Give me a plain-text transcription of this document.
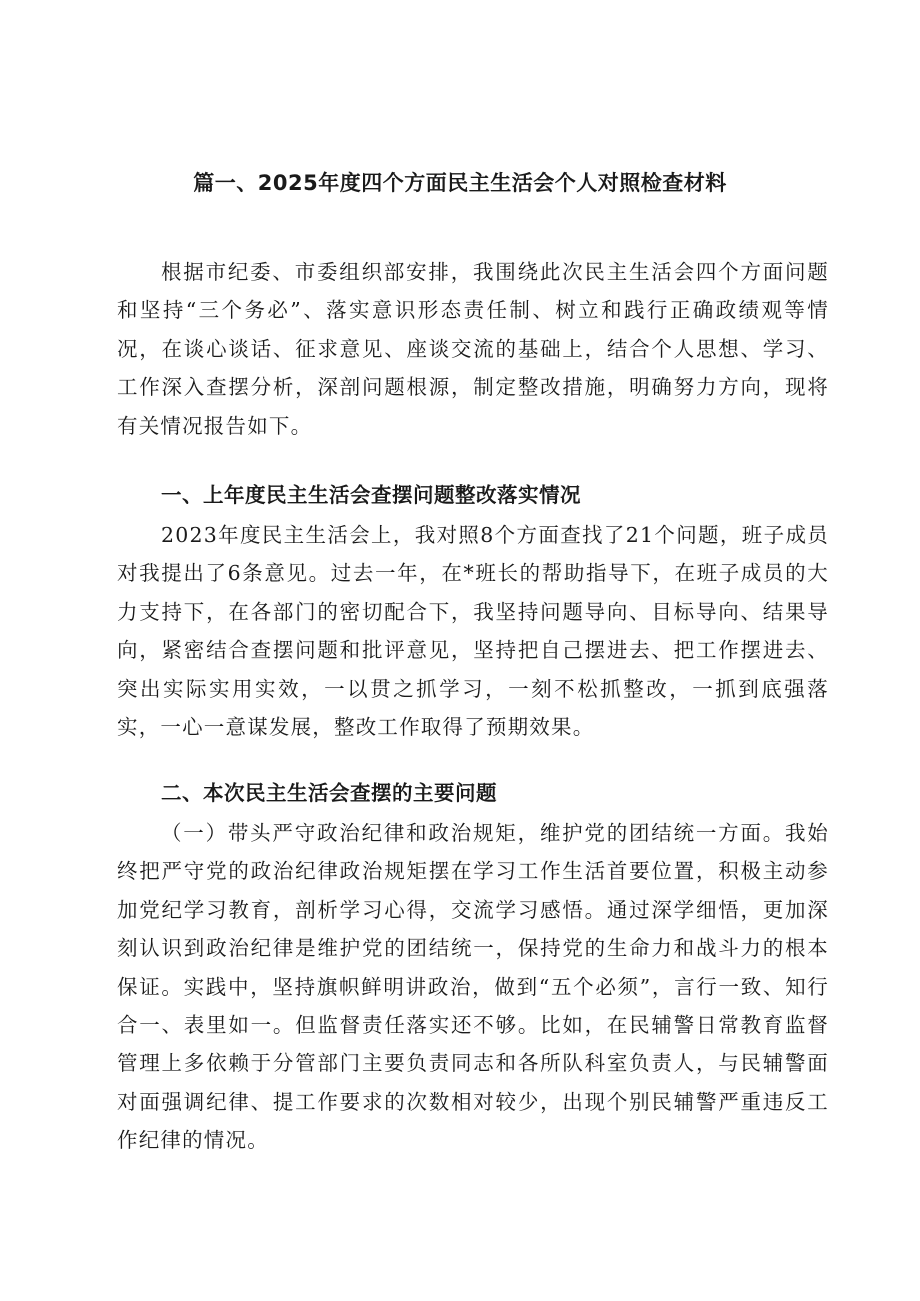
篇一、2025年度四个方面民主生活会个人对照检查材料

根据市纪委、市委组织部安排，我围绕此次民主生活会四个方面问题和坚持“三个务必”、落实意识形态责任制、树立和践行正确政绩观等情况，在谈心谈话、征求意见、座谈交流的基础上，结合个人思想、学习、工作深入查摆分析，深剖问题根源，制定整改措施，明确努力方向，现将有关情况报告如下。

一、上年度民主生活会查摆问题整改落实情况

2023年度民主生活会上，我对照8个方面查找了21个问题，班子成员对我提出了6条意见。过去一年，在*班长的帮助指导下，在班子成员的大力支持下，在各部门的密切配合下，我坚持问题导向、目标导向、结果导向，紧密结合查摆问题和批评意见，坚持把自己摆进去、把工作摆进去、突出实际实用实效，一以贯之抓学习，一刻不松抓整改，一抓到底强落实，一心一意谋发展，整改工作取得了预期效果。

二、本次民主生活会查摆的主要问题

（一）带头严守政治纪律和政治规矩，维护党的团结统一方面。我始终把严守党的政治纪律政治规矩摆在学习工作生活首要位置，积极主动参加党纪学习教育，剖析学习心得，交流学习感悟。通过深学细悟，更加深刻认识到政治纪律是维护党的团结统一，保持党的生命力和战斗力的根本保证。实践中，坚持旗帜鲜明讲政治，做到“五个必须”，言行一致、知行合一、表里如一。但监督责任落实还不够。比如，在民辅警日常教育监督管理上多依赖于分管部门主要负责同志和各所队科室负责人，与民辅警面对面强调纪律、提工作要求的次数相对较少，出现个别民辅警严重违反工作纪律的情况。
